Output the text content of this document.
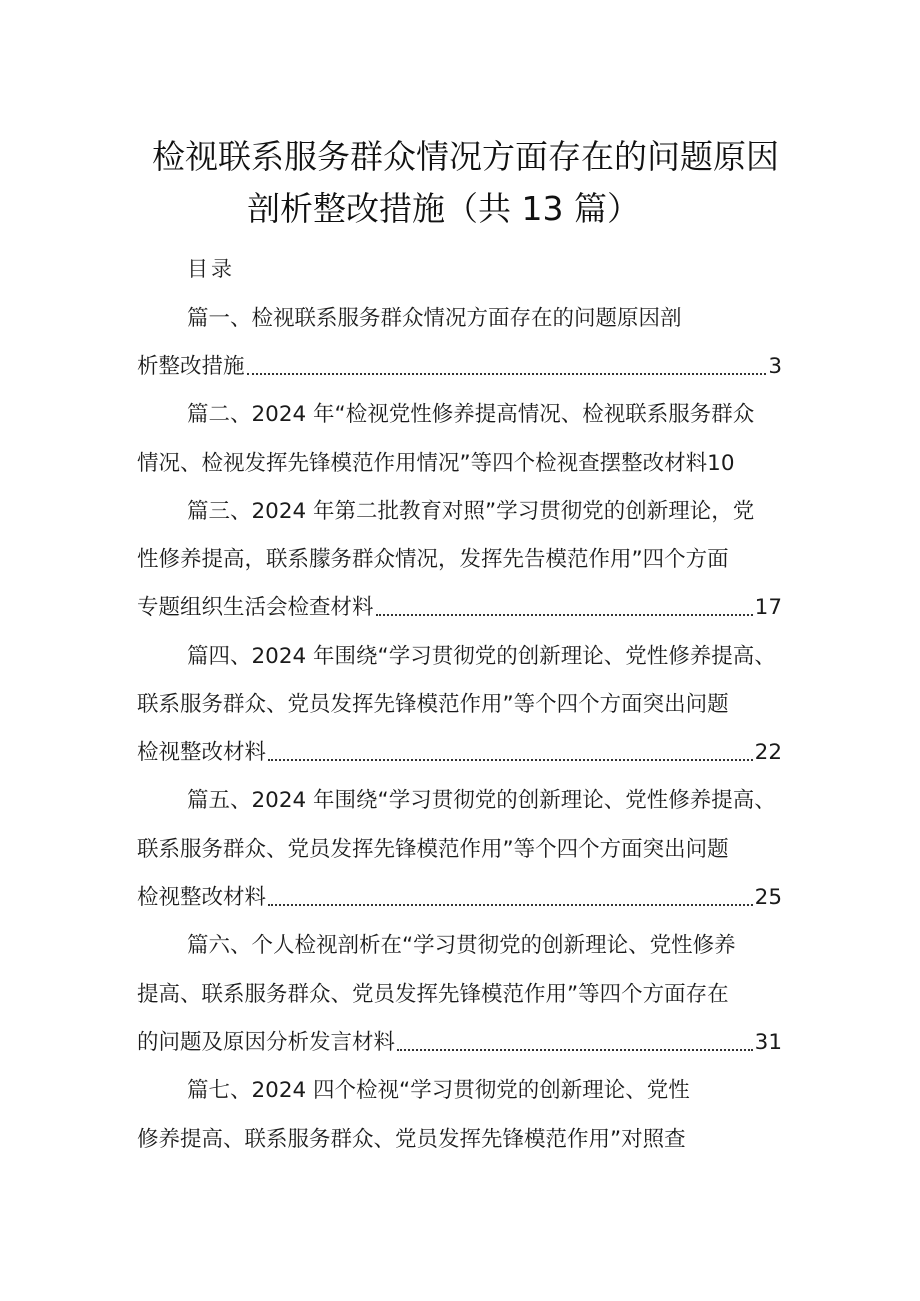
检视联系服务群众情况方面存在的问题原因
剖析整改措施（共 13 篇）
目录
篇一、检视联系服务群众情况方面存在的问题原因剖
析整改措施	3
篇二、2024 年“检视党性修养提高情况、检视联系服务群众
情况、检视发挥先锋模范作用情况”等四个检视查摆整改材料10
篇三、2024 年第二批教育对照”学习贯彻党的创新理论，党
性修养提高，联系朦务群众情况，发挥先告模范作用”四个方面
专题组织生活会检查材料	17
篇四、2024 年围绕“学习贯彻党的创新理论、党性修养提高、
联系服务群众、党员发挥先锋模范作用”等个四个方面突出问题
检视整改材料	22
篇五、2024 年围绕“学习贯彻党的创新理论、党性修养提高、
联系服务群众、党员发挥先锋模范作用”等个四个方面突出问题
检视整改材料	25
篇六、个人检视剖析在“学习贯彻党的创新理论、党性修养
提高、联系服务群众、党员发挥先锋模范作用”等四个方面存在
的问题及原因分析发言材料	31
篇七、2024 四个检视“学习贯彻党的创新理论、党性
修养提高、联系服务群众、党员发挥先锋模范作用”对照查
